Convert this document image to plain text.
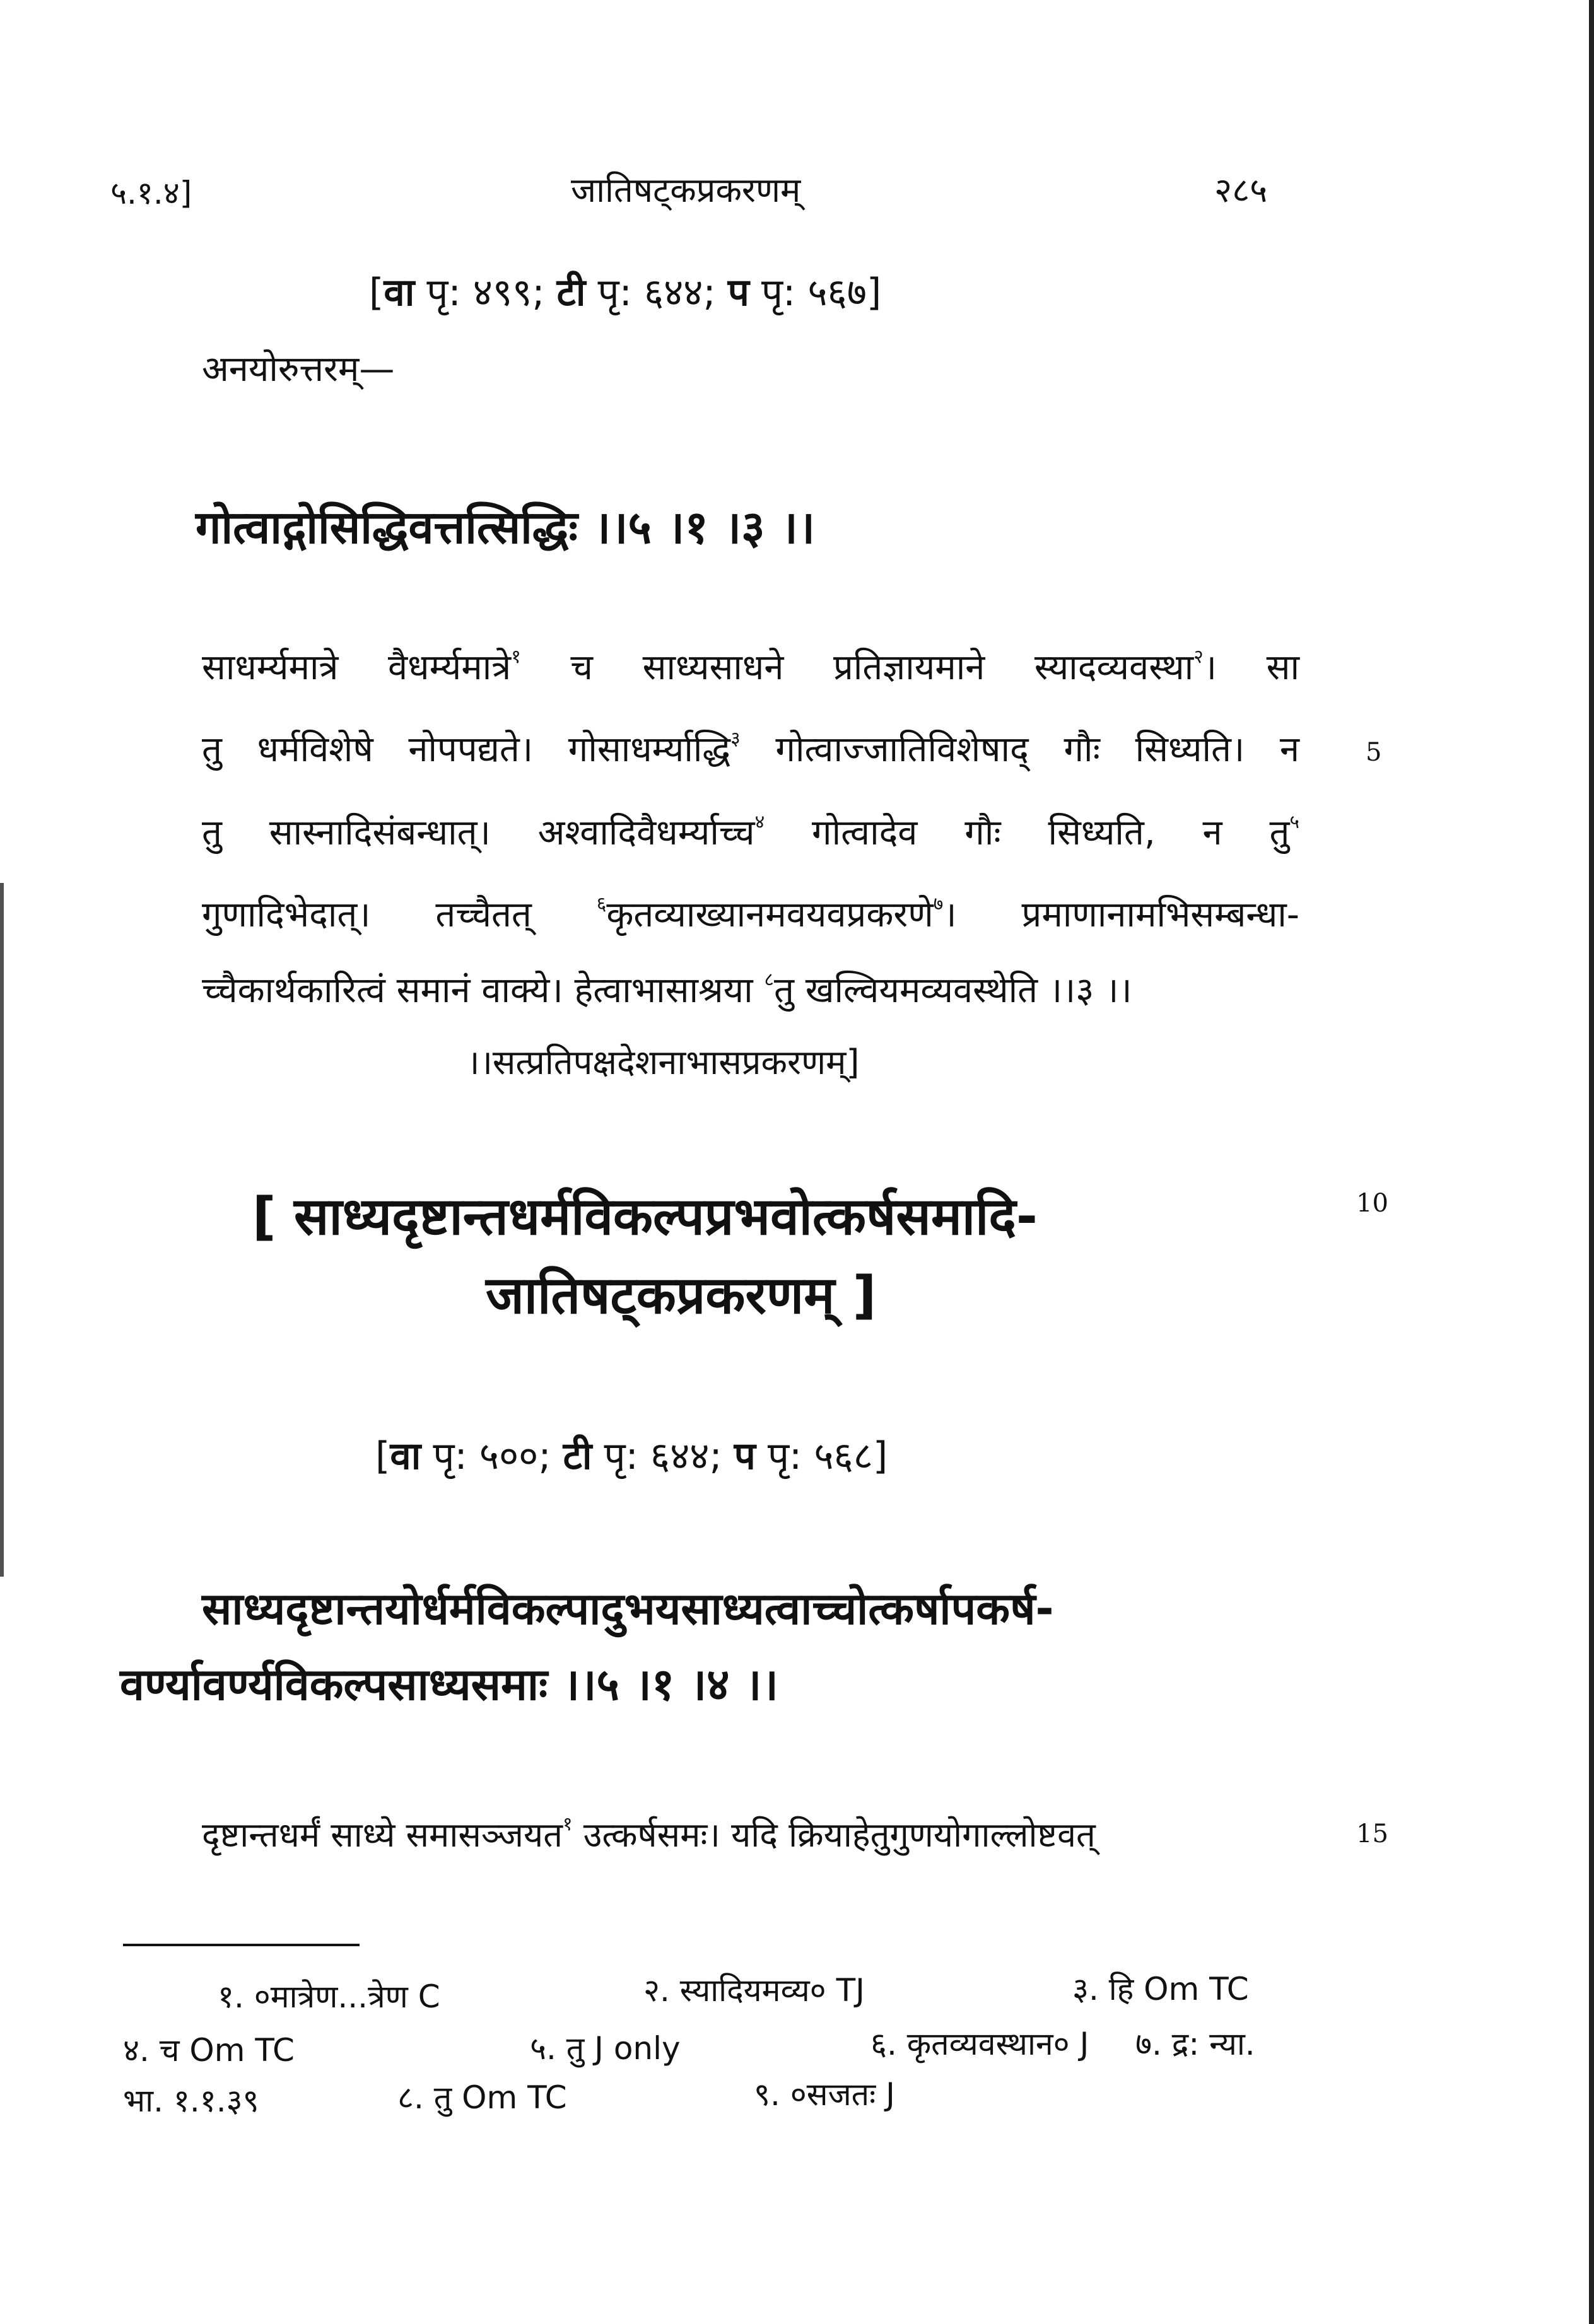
५.१.४]	जातिषट्कप्रकरणम्	२८५
[वा पृ: ४९९; टी पृ: ६४४; प पृ: ५६७]
अनयोरुत्तरम्—
गोत्वाद्गोसिद्धिवत्तत्सिद्धिः ।।५ ।१ ।३ ।।
साधर्म्यमात्रे वैधर्म्यमात्रे$^१$ च साध्यसाधने प्रतिज्ञायमाने स्यादव्यवस्था$^२$। सा
तु धर्मविशेषे नोपपद्यते। गोसाधर्म्याद्धि$^३$ गोत्वाज्जातिविशेषाद् गौः सिध्यति। न
तु सास्नादिसंबन्धात्। अश्वादिवैधर्म्याच्च$^४$ गोत्वादेव गौः सिध्यति, न तु$^५$
गुणादिभेदात्। तच्चैतत् $^६$कृतव्याख्यानमवयवप्रकरणे$^७$। प्रमाणानामभिसम्बन्धा-
च्चैकार्थकारित्वं समानं वाक्ये। हेत्वाभासाश्रया $^८$तु खल्वियमव्यवस्थेति ।।३ ।।
।।सत्प्रतिपक्षदेशनाभासप्रकरणम्]
5
10
15
[ साध्यदृष्टान्तधर्मविकल्पप्रभवोत्कर्षसमादि-
जातिषट्कप्रकरणम् ]
[वा पृ: ५००; टी पृ: ६४४; प पृ: ५६८]
साध्यदृष्टान्तयोर्धर्मविकल्पादुभयसाध्यत्वाच्चोत्कर्षापकर्ष-
वर्ण्यावर्ण्यविकल्पसाध्यसमाः ।।५ ।१ ।४ ।।
दृष्टान्तधर्मं साध्ये समासञ्जयत$^१$ उत्कर्षसमः। यदि क्रियाहेतुगुणयोगाल्लोष्टवत्
१. ०मात्रेण...त्रेण C	२. स्यादियमव्य० TJ	३. हि Om TC
४. च Om TC	५. तु J only	६. कृतव्यवस्थान० J ७. द्र: न्या.
भा. १.१.३९	८. तु Om TC	९. ०सजतः J
